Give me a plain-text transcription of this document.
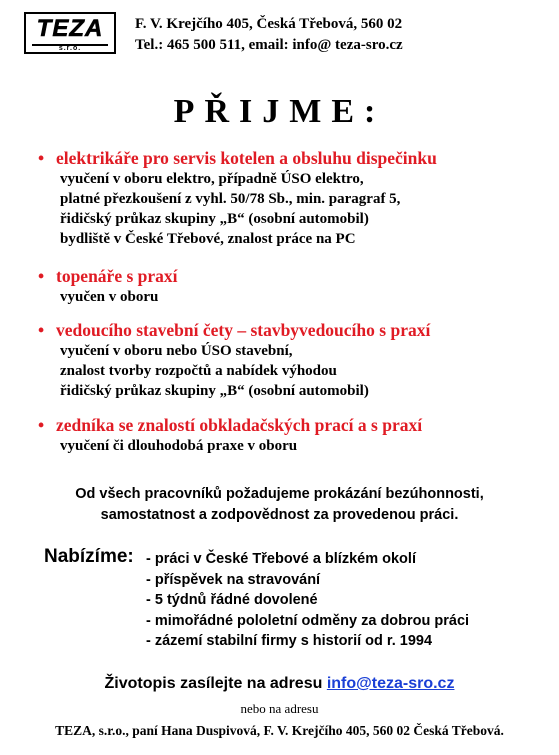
TEZA
s.r.o.
F. V. Krejčího 405, Česká Třebová, 560 02
Tel.: 465 500 511, email: info@ teza-sro.cz
PŘIJME:
• elektrikáře pro servis kotelen a obsluhu dispečinku
vyučení v oboru elektro, případně ÚSO elektro,
platné přezkoušení z vyhl. 50/78 Sb., min. paragraf 5,
řidičský průkaz skupiny „B“ (osobní automobil)
bydliště v České Třebové, znalost práce na PC
• topenáře s praxí
vyučen v oboru
• vedoucího stavební čety – stavbyvedoucího s praxí
vyučení v oboru nebo ÚSO stavební,
znalost tvorby rozpočtů a nabídek výhodou
řidičský průkaz skupiny „B“ (osobní automobil)
• zedníka se znalostí obkladačských prací a s praxí
vyučení či dlouhodobá praxe v oboru
Od všech pracovníků požadujeme prokázání bezúhonnosti,
samostatnost a zodpovědnost za provedenou práci.
Nabízíme: - práci v České Třebové a blízkém okolí
- příspěvek na stravování
- 5 týdnů řádné dovolené
- mimořádné pololetní odměny za dobrou práci
- zázemí stabilní firmy s historií od r. 1994
Životopis zasílejte na adresu info@teza-sro.cz
nebo na adresu
TEZA, s.r.o., paní Hana Duspivová, F. V. Krejčího 405, 560 02 Česká Třebová.
